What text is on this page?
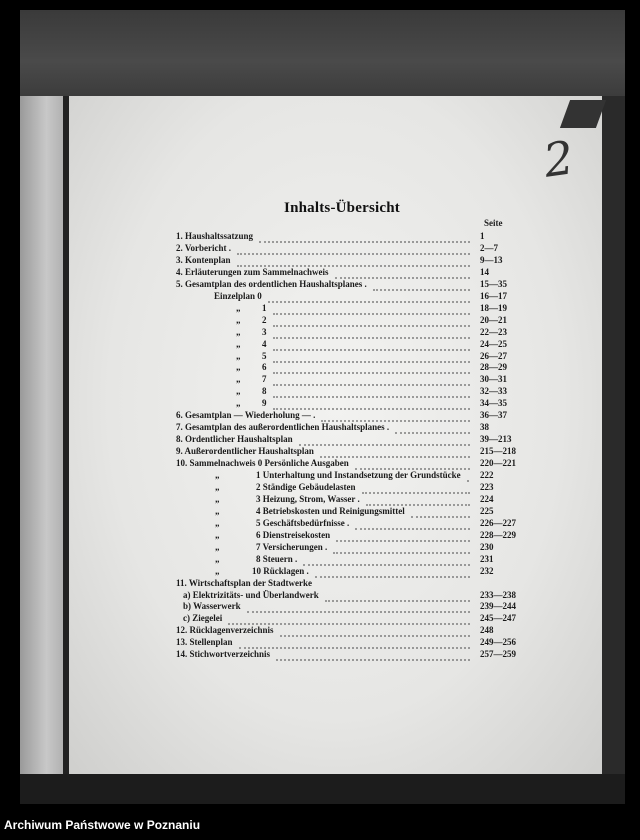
2
Inhalts-Übersicht
Seite
1. Haushaltssatzung	1
2. Vorbericht .	2—7
3. Kontenplan	9—13
4. Erläuterungen zum Sammelnachweis	14
5. Gesamtplan des ordentlichen Haushaltsplanes .	15—35
Einzelplan 0	16—17
„ 1	18—19
„ 2	20—21
„ 3	22—23
„ 4	24—25
„ 5	26—27
„ 6	28—29
„ 7	30—31
„ 8	32—33
„ 9	34—35
6. Gesamtplan — Wiederholung — .	36—37
7. Gesamtplan des außerordentlichen Haushaltsplanes .	38
8. Ordentlicher Haushaltsplan	39—213
9. Außerordentlicher Haushaltsplan	215—218
10. Sammelnachweis 0 Persönliche Ausgaben	220—221
„	1 Unterhaltung und Instandsetzung der Grundstücke 222
„	2 Ständige Gebäudelasten	223
„	3 Heizung, Strom, Wasser .	224
„	4 Betriebskosten und Reinigungsmittel	225
„	5 Geschäftsbedürfnisse .	226—227
„	6 Dienstreisekosten	228—229
„	7 Versicherungen .	230
„	8 Steuern .	231
„	10 Rücklagen .	232
11. Wirtschaftsplan der Stadtwerke
a) Elektrizitäts- und Überlandwerk	233—238
b) Wasserwerk	239—244
c) Ziegelei	245—247
12. Rücklagenverzeichnis	248
13. Stellenplan	249—256
14. Stichwortverzeichnis	257—259
Archiwum Państwowe w Poznaniu
